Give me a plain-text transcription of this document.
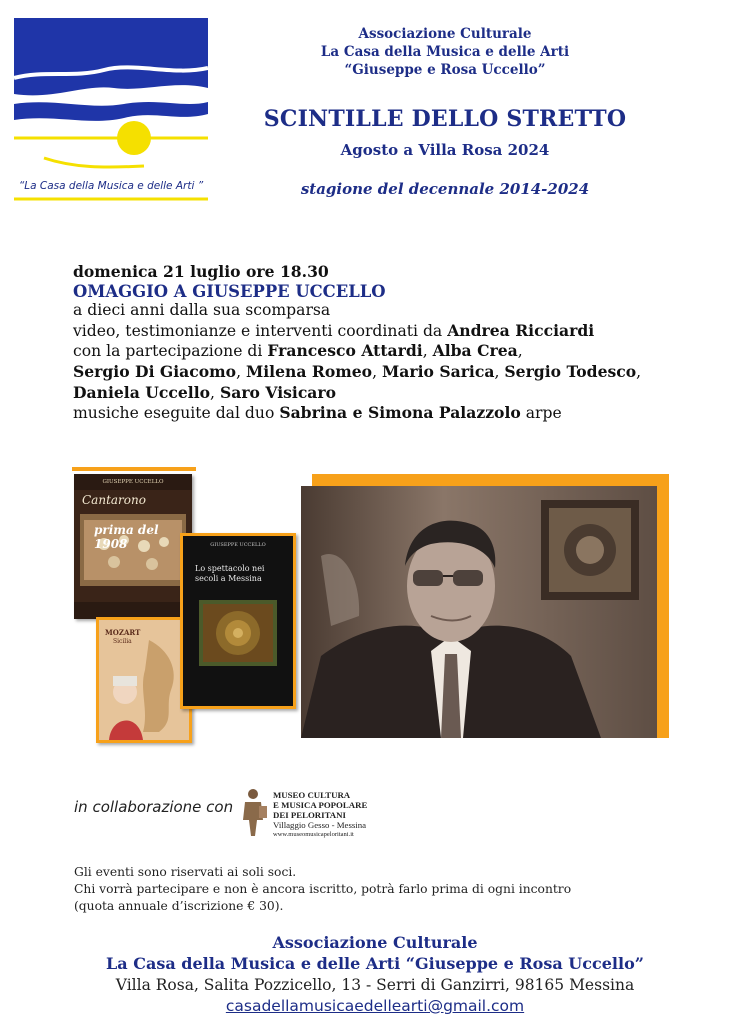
“La Casa della Musica e delle Arti ”
Associazione Culturale
La Casa della Musica e delle Arti
“Giuseppe e Rosa Uccello”
SCINTILLE DELLO STRETTO
Agosto a Villa Rosa 2024
stagione del decennale 2014-2024
domenica 21 luglio ore 18.30
OMAGGIO A GIUSEPPE UCCELLO
a dieci anni dalla sua scomparsa
video, testimonianze e interventi coordinati da Andrea Ricciardi
con la partecipazione di Francesco Attardi, Alba Crea,
Sergio Di Giacomo, Milena Romeo, Mario Sarica, Sergio Todesco,
Daniela Uccello, Saro Visicaro
musiche eseguite dal duo Sabrina e Simona Palazzolo arpe
GIUSEPPE UCCELLO
Cantarono
prima del 1908
MOZART
Sicilia
GIUSEPPE UCCELLO
Lo spettacolo nei secoli a Messina
in collaborazione con
MUSEO CULTURA
E MUSICA POPOLARE
DEI PELORITANI
Villaggio Gesso - Messina
www.museomusicapeloritani.it
Gli eventi sono riservati ai soli soci.
Chi vorrà partecipare e non è ancora iscritto, potrà farlo prima di ogni incontro
(quota annuale d’iscrizione € 30).
Associazione Culturale
La Casa della Musica e delle Arti “Giuseppe e Rosa Uccello”
Villa Rosa, Salita Pozzicello, 13 - Serri di Ganzirri, 98165 Messina
casadellamusicaedellearti@gmail.com
